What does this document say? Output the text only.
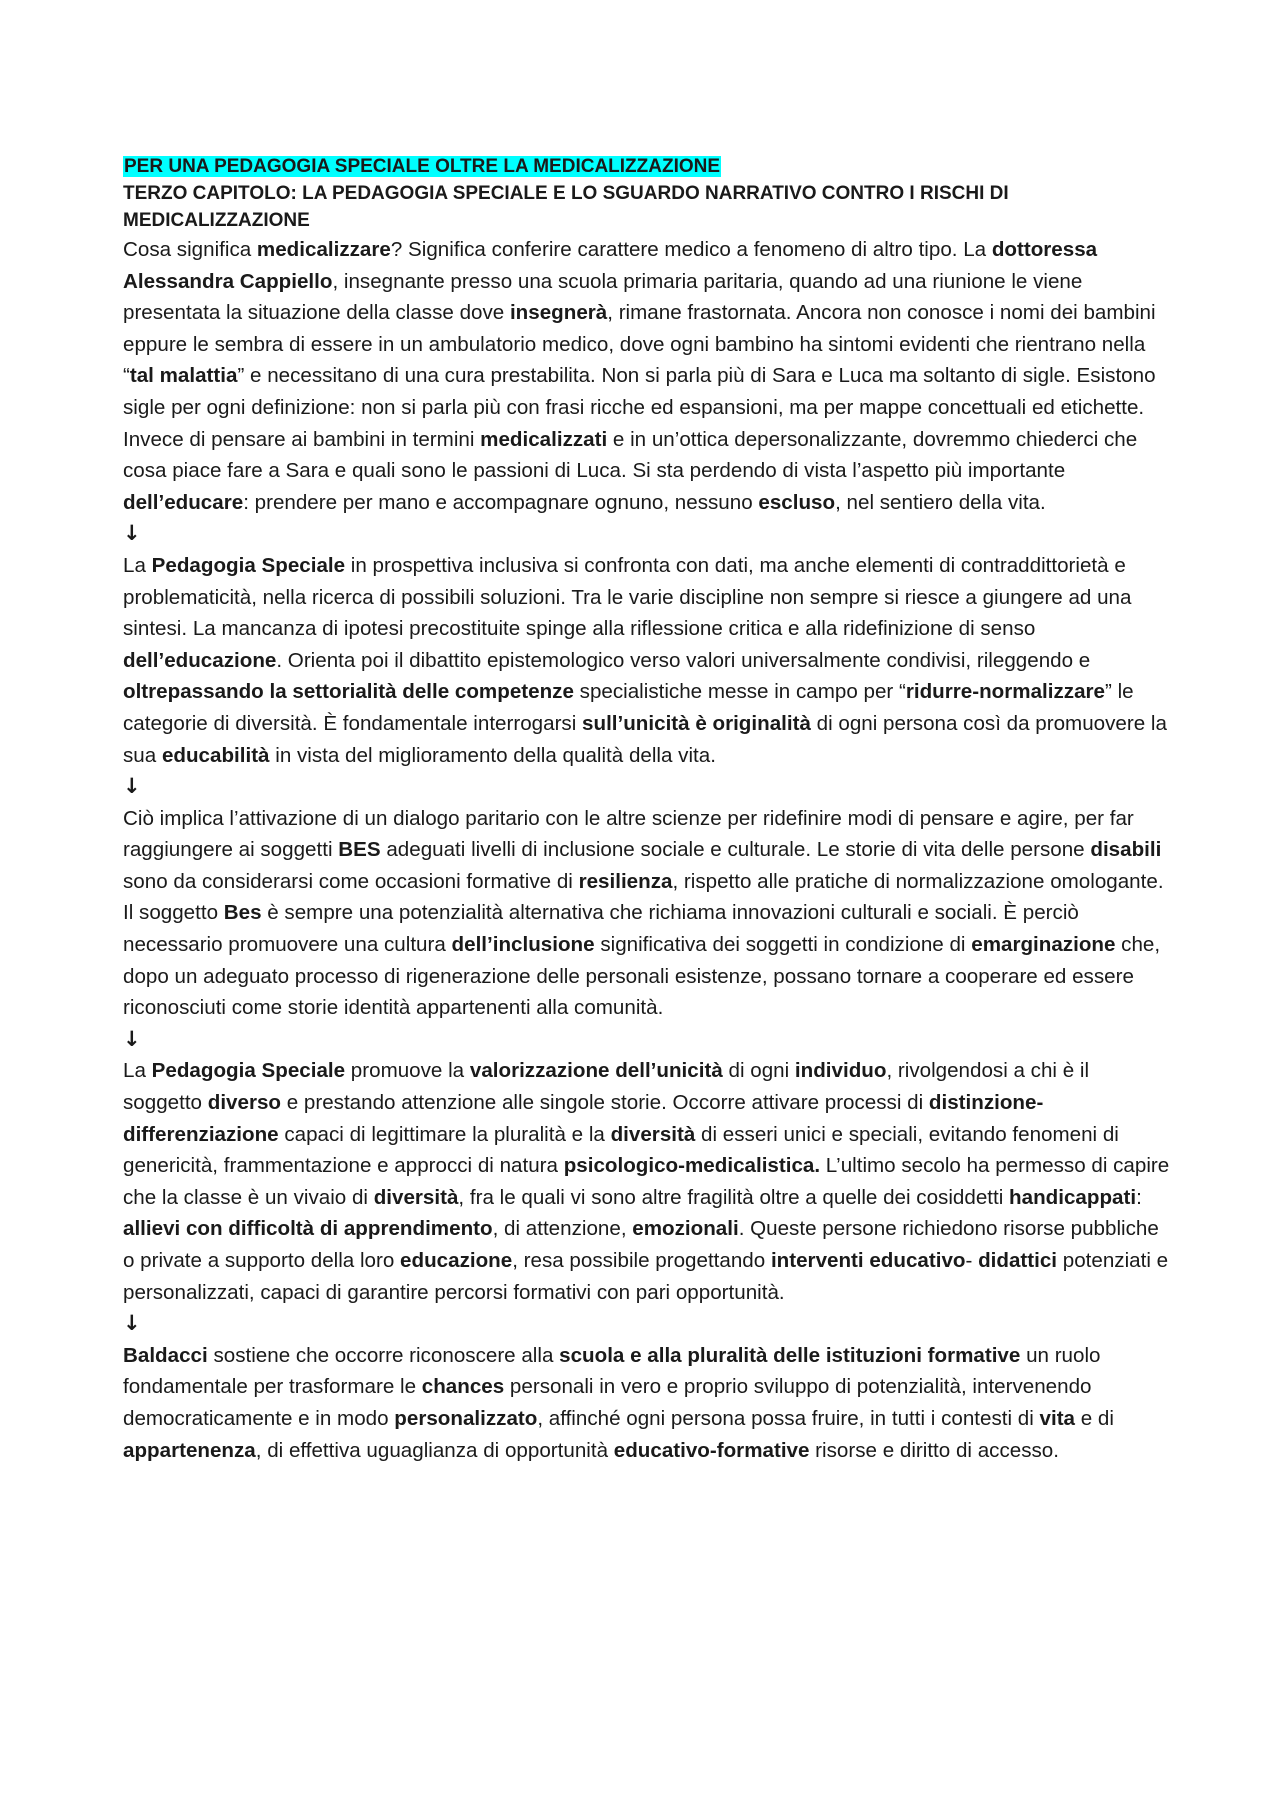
PER UNA PEDAGOGIA SPECIALE OLTRE LA MEDICALIZZAZIONE

TERZO CAPITOLO: LA PEDAGOGIA SPECIALE E LO SGUARDO NARRATIVO CONTRO I RISCHI DI MEDICALIZZAZIONE

Cosa significa medicalizzare? Significa conferire carattere medico a fenomeno di altro tipo. La dottoressa Alessandra Cappiello, insegnante presso una scuola primaria paritaria, quando ad una riunione le viene presentata la situazione della classe dove insegnerà, rimane frastornata. Ancora non conosce i nomi dei bambini eppure le sembra di essere in un ambulatorio medico, dove ogni bambino ha sintomi evidenti che rientrano nella “tal malattia” e necessitano di una cura prestabilita. Non si parla più di Sara e Luca ma soltanto di sigle. Esistono sigle per ogni definizione: non si parla più con frasi ricche ed espansioni, ma per mappe concettuali ed etichette. Invece di pensare ai bambini in termini medicalizzati e in un’ottica depersonalizzante, dovremmo chiederci che cosa piace fare a Sara e quali sono le passioni di Luca. Si sta perdendo di vista l’aspetto più importante dell’educare: prendere per mano e accompagnare ognuno, nessuno escluso, nel sentiero della vita.

↓

La Pedagogia Speciale in prospettiva inclusiva si confronta con dati, ma anche elementi di contraddittorietà e problematicità, nella ricerca di possibili soluzioni. Tra le varie discipline non sempre si riesce a giungere ad una sintesi. La mancanza di ipotesi precostituite spinge alla riflessione critica e alla ridefinizione di senso dell’educazione. Orienta poi il dibattito epistemologico verso valori universalmente condivisi, rileggendo e oltrepassando la settorialità delle competenze specialistiche messe in campo per “ridurre-normalizzare” le categorie di diversità. È fondamentale interrogarsi sull’unicità è originalità di ogni persona così da promuovere la sua educabilità in vista del miglioramento della qualità della vita.

↓

Ciò implica l’attivazione di un dialogo paritario con le altre scienze per ridefinire modi di pensare e agire, per far raggiungere ai soggetti BES adeguati livelli di inclusione sociale e culturale. Le storie di vita delle persone disabili sono da considerarsi come occasioni formative di resilienza, rispetto alle pratiche di normalizzazione omologante. Il soggetto Bes è sempre una potenzialità alternativa che richiama innovazioni culturali e sociali. È perciò necessario promuovere una cultura dell’inclusione significativa dei soggetti in condizione di emarginazione che, dopo un adeguato processo di rigenerazione delle personali esistenze, possano tornare a cooperare ed essere riconosciuti come storie identità appartenenti alla comunità.

↓

La Pedagogia Speciale promuove la valorizzazione dell’unicità di ogni individuo, rivolgendosi a chi è il soggetto diverso e prestando attenzione alle singole storie. Occorre attivare processi di distinzione-differenziazione capaci di legittimare la pluralità e la diversità di esseri unici e speciali, evitando fenomeni di genericità, frammentazione e approcci di natura psicologico-medicalistica. L’ultimo secolo ha permesso di capire che la classe è un vivaio di diversità, fra le quali vi sono altre fragilità oltre a quelle dei cosiddetti handicappati: allievi con difficoltà di apprendimento, di attenzione, emozionali. Queste persone richiedono risorse pubbliche o private a supporto della loro educazione, resa possibile progettando interventi educativo- didattici potenziati e personalizzati, capaci di garantire percorsi formativi con pari opportunità.

↓

Baldacci sostiene che occorre riconoscere alla scuola e alla pluralità delle istituzioni formative un ruolo fondamentale per trasformare le chances personali in vero e proprio sviluppo di potenzialità, intervenendo democraticamente e in modo personalizzato, affinché ogni persona possa fruire, in tutti i contesti di vita e di appartenenza, di effettiva uguaglianza di opportunità educativo-formative risorse e diritto di accesso.
